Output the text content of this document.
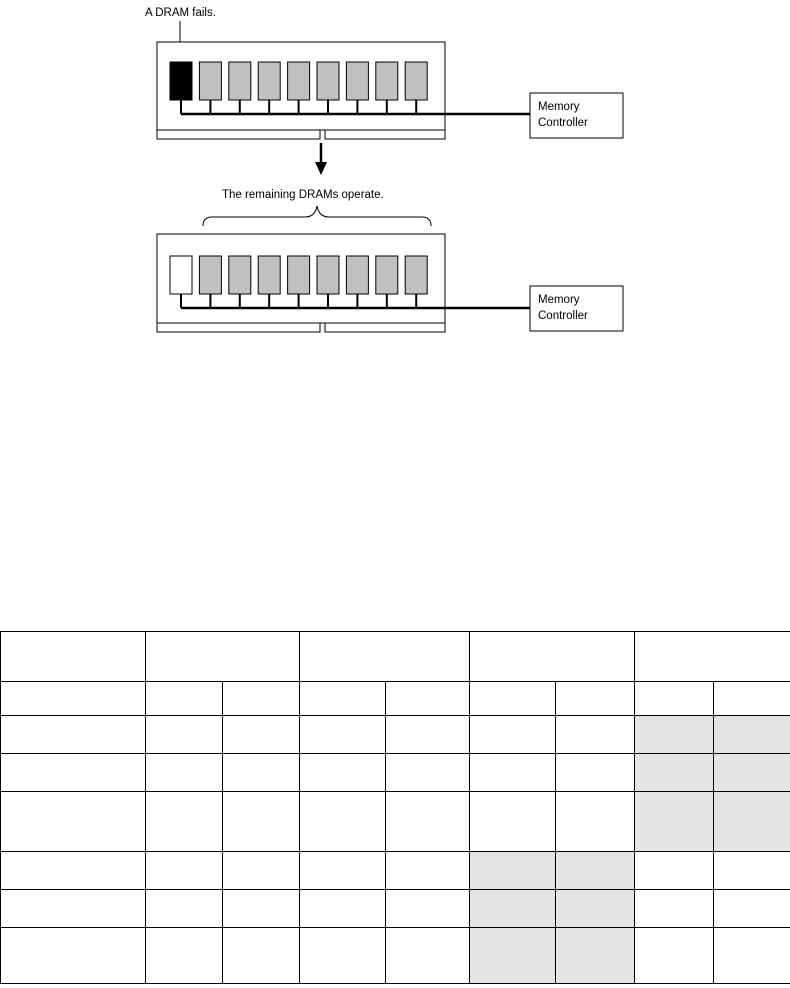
A DRAM fails.
Memory
Controller
The remaining DRAMs operate.
Memory
Controller
